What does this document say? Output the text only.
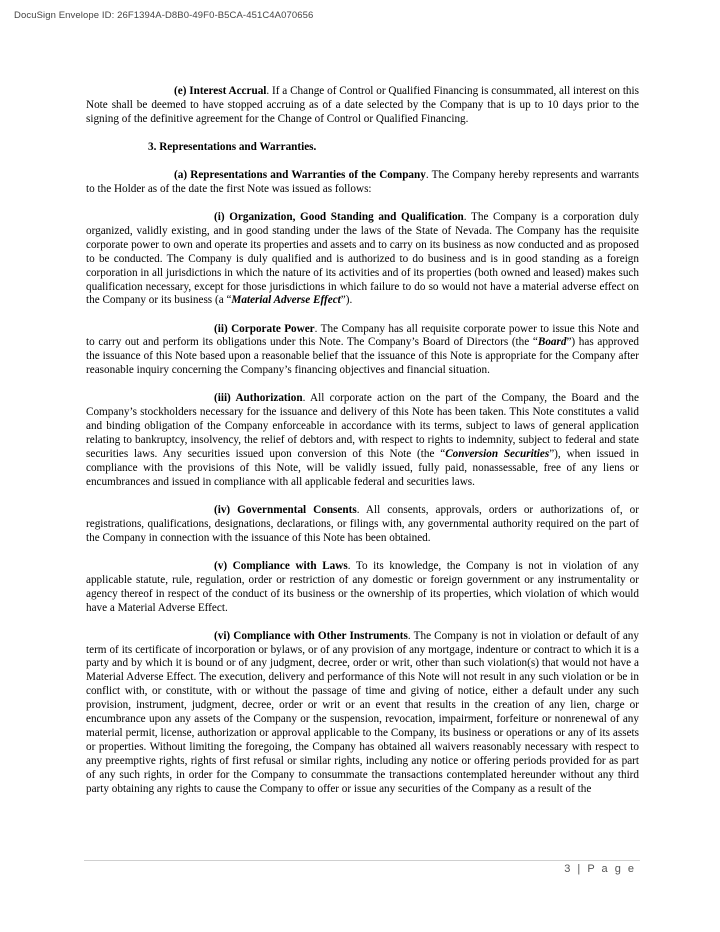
DocuSign Envelope ID: 26F1394A-D8B0-49F0-B5CA-451C4A070656

(e) Interest Accrual. If a Change of Control or Qualified Financing is consummated, all interest on this Note shall be deemed to have stopped accruing as of a date selected by the Company that is up to 10 days prior to the signing of the definitive agreement for the Change of Control or Qualified Financing.

3. Representations and Warranties.

(a) Representations and Warranties of the Company. The Company hereby represents and warrants to the Holder as of the date the first Note was issued as follows:

(i) Organization, Good Standing and Qualification. The Company is a corporation duly organized, validly existing, and in good standing under the laws of the State of Nevada. The Company has the requisite corporate power to own and operate its properties and assets and to carry on its business as now conducted and as proposed to be conducted. The Company is duly qualified and is authorized to do business and is in good standing as a foreign corporation in all jurisdictions in which the nature of its activities and of its properties (both owned and leased) makes such qualification necessary, except for those jurisdictions in which failure to do so would not have a material adverse effect on the Company or its business (a “Material Adverse Effect”).

(ii) Corporate Power. The Company has all requisite corporate power to issue this Note and to carry out and perform its obligations under this Note. The Company’s Board of Directors (the “Board”) has approved the issuance of this Note based upon a reasonable belief that the issuance of this Note is appropriate for the Company after reasonable inquiry concerning the Company’s financing objectives and financial situation.

(iii) Authorization. All corporate action on the part of the Company, the Board and the Company’s stockholders necessary for the issuance and delivery of this Note has been taken. This Note constitutes a valid and binding obligation of the Company enforceable in accordance with its terms, subject to laws of general application relating to bankruptcy, insolvency, the relief of debtors and, with respect to rights to indemnity, subject to federal and state securities laws. Any securities issued upon conversion of this Note (the “Conversion Securities”), when issued in compliance with the provisions of this Note, will be validly issued, fully paid, nonassessable, free of any liens or encumbrances and issued in compliance with all applicable federal and securities laws.

(iv) Governmental Consents. All consents, approvals, orders or authorizations of, or registrations, qualifications, designations, declarations, or filings with, any governmental authority required on the part of the Company in connection with the issuance of this Note has been obtained.

(v) Compliance with Laws. To its knowledge, the Company is not in violation of any applicable statute, rule, regulation, order or restriction of any domestic or foreign government or any instrumentality or agency thereof in respect of the conduct of its business or the ownership of its properties, which violation of which would have a Material Adverse Effect.

(vi) Compliance with Other Instruments. The Company is not in violation or default of any term of its certificate of incorporation or bylaws, or of any provision of any mortgage, indenture or contract to which it is a party and by which it is bound or of any judgment, decree, order or writ, other than such violation(s) that would not have a Material Adverse Effect. The execution, delivery and performance of this Note will not result in any such violation or be in conflict with, or constitute, with or without the passage of time and giving of notice, either a default under any such provision, instrument, judgment, decree, order or writ or an event that results in the creation of any lien, charge or encumbrance upon any assets of the Company or the suspension, revocation, impairment, forfeiture or nonrenewal of any material permit, license, authorization or approval applicable to the Company, its business or operations or any of its assets or properties. Without limiting the foregoing, the Company has obtained all waivers reasonably necessary with respect to any preemptive rights, rights of first refusal or similar rights, including any notice or offering periods provided for as part of any such rights, in order for the Company to consummate the transactions contemplated hereunder without any third party obtaining any rights to cause the Company to offer or issue any securities of the Company as a result of the

3 | P a g e
